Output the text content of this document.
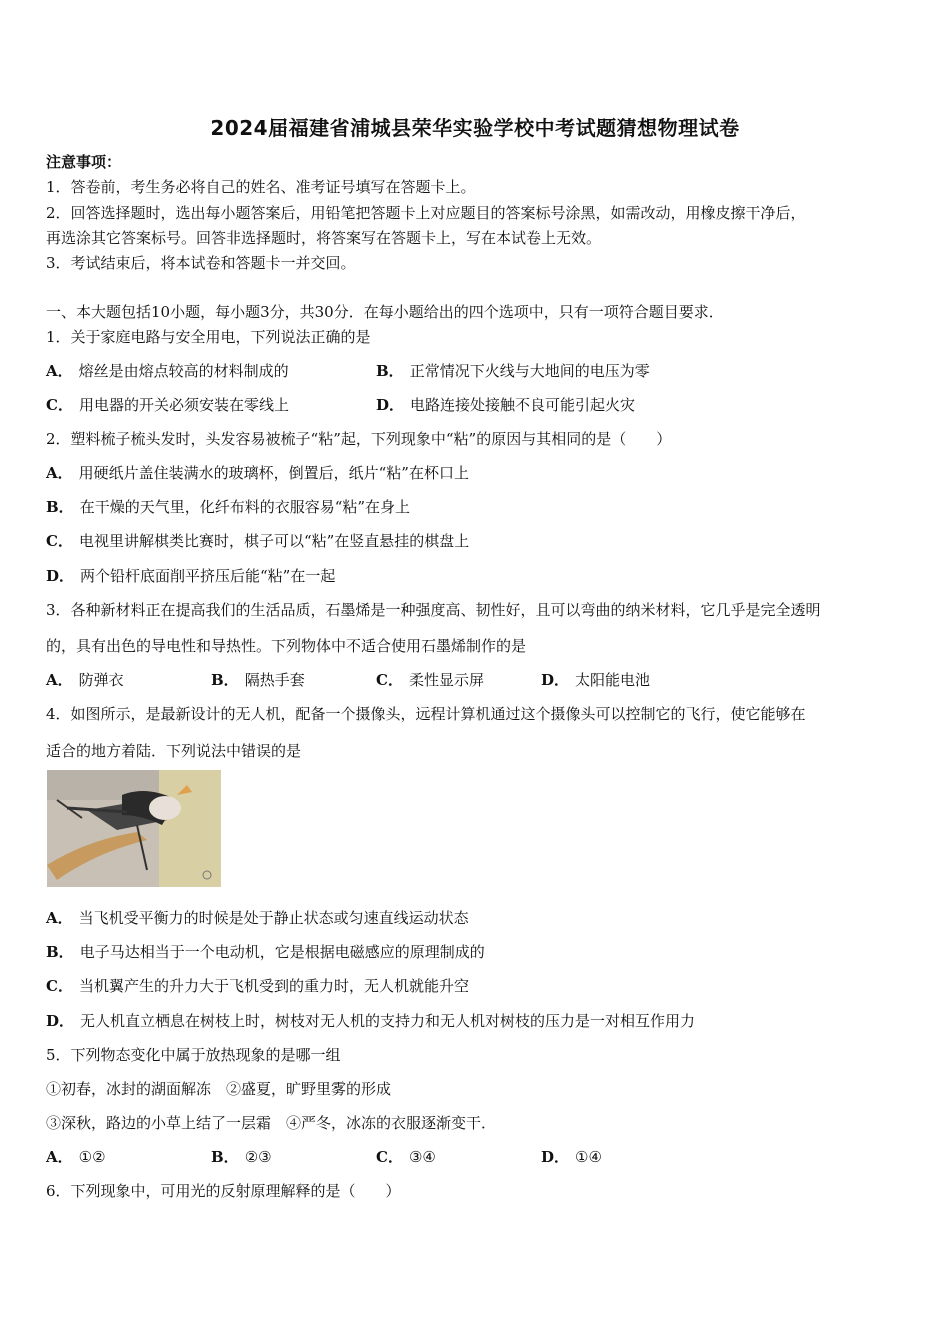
2024届福建省浦城县荣华实验学校中考试题猜想物理试卷
注意事项：
1．答卷前，考生务必将自己的姓名、准考证号填写在答题卡上。
2．回答选择题时，选出每小题答案后，用铅笔把答题卡上对应题目的答案标号涂黑，如需改动，用橡皮擦干净后，
再选涂其它答案标号。回答非选择题时，将答案写在答题卡上，写在本试卷上无效。
3．考试结束后，将本试卷和答题卡一并交回。
一、本大题包括10小题，每小题3分，共30分．在每小题给出的四个选项中，只有一项符合题目要求．
1．关于家庭电路与安全用电，下列说法正确的是
A． 熔丝是由熔点较高的材料制成的	B． 正常情况下火线与大地间的电压为零
C． 用电器的开关必须安装在零线上	D． 电路连接处接触不良可能引起火灾
2．塑料梳子梳头发时，头发容易被梳子“粘”起，下列现象中“粘”的原因与其相同的是（　　）
A． 用硬纸片盖住装满水的玻璃杯，倒置后，纸片“粘”在杯口上
B． 在干燥的天气里，化纤布料的衣服容易“粘”在身上
C． 电视里讲解棋类比赛时，棋子可以“粘”在竖直悬挂的棋盘上
D． 两个铅杆底面削平挤压后能“粘”在一起
3．各种新材料正在提高我们的生活品质，石墨烯是一种强度高、韧性好，且可以弯曲的纳米材料，它几乎是完全透明
的，具有出色的导电性和导热性。下列物体中不适合使用石墨烯制作的是
A． 防弹衣	B． 隔热手套	C． 柔性显示屏	D． 太阳能电池
4．如图所示，是最新设计的无人机，配备一个摄像头，远程计算机通过这个摄像头可以控制它的飞行，使它能够在
适合的地方着陆．下列说法中错误的是
A． 当飞机受平衡力的时候是处于静止状态或匀速直线运动状态
B． 电子马达相当于一个电动机，它是根据电磁感应的原理制成的
C． 当机翼产生的升力大于飞机受到的重力时，无人机就能升空
D． 无人机直立栖息在树枝上时，树枝对无人机的支持力和无人机对树枝的压力是一对相互作用力
5．下列物态变化中属于放热现象的是哪一组
①初春，冰封的湖面解冻　②盛夏，旷野里雾的形成
③深秋，路边的小草上结了一层霜　④严冬，冰冻的衣服逐渐变干．
A． ①②	B． ②③	C． ③④	D． ①④
6．下列现象中，可用光的反射原理解释的是（　　）
